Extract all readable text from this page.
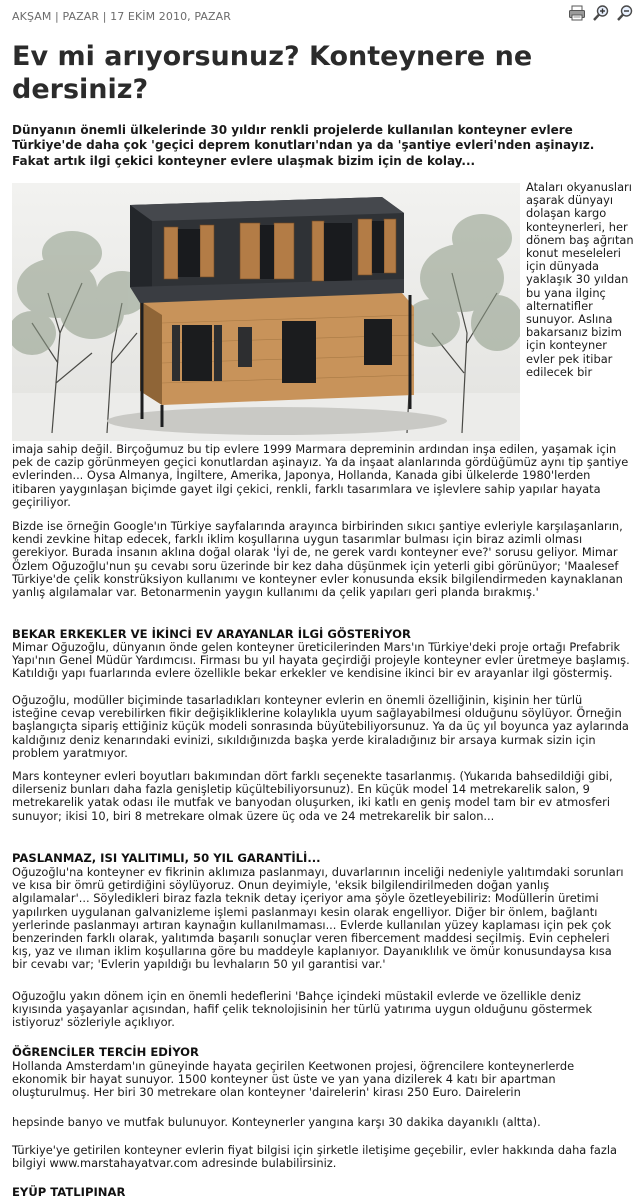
AKŞAM | PAZAR | 17 EKİM 2010, PAZAR
Ev mi arıyorsunuz? Konteynere ne dersiniz?

Dünyanın önemli ülkelerinde 30 yıldır renkli projelerde kullanılan konteyner evlere Türkiye'de daha çok 'geçici deprem konutları'ndan ya da 'şantiye evleri'nden aşinayız. Fakat artık ilgi çekici konteyner evlere ulaşmak bizim için de kolay...

Ataları okyanusları aşarak dünyayı dolaşan kargo konteynerleri, her dönem baş ağrıtan konut meseleleri için dünyada yaklaşık 30 yıldan bu yana ilginç alternatifler sunuyor. Aslına bakarsanız bizim için konteyner evler pek itibar edilecek bir

imaja sahip değil. Birçoğumuz bu tip evlere 1999 Marmara depreminin ardından inşa edilen, yaşamak için pek de cazip görünmeyen geçici konutlardan aşinayız. Ya da inşaat alanlarında gördüğümüz aynı tip şantiye evlerinden... Oysa Almanya, İngiltere, Amerika, Japonya, Hollanda, Kanada gibi ülkelerde 1980'lerden itibaren yaygınlaşan biçimde gayet ilgi çekici, renkli, farklı tasarımlara ve işlevlere sahip yapılar hayata geçiriliyor.

Bizde ise örneğin Google'ın Türkiye sayfalarında arayınca birbirinden sıkıcı şantiye evleriyle karşılaşanların, kendi zevkine hitap edecek, farklı iklim koşullarına uygun tasarımlar bulması için biraz azimli olması gerekiyor. Burada insanın aklına doğal olarak 'İyi de, ne gerek vardı konteyner eve?' sorusu geliyor. Mimar Özlem Oğuzoğlu'nun şu cevabı soru üzerinde bir kez daha düşünmek için yeterli gibi görünüyor; 'Maalesef Türkiye'de çelik konstrüksiyon kullanımı ve konteyner evler konusunda eksik bilgilendirmeden kaynaklanan yanlış algılamalar var. Betonarmenin yaygın kullanımı da çelik yapıları geri planda bırakmış.'

BEKAR ERKEKLER VE İKİNCİ EV ARAYANLAR İLGİ GÖSTERİYOR

Mimar Oğuzoğlu, dünyanın önde gelen konteyner üreticilerinden Mars'ın Türkiye'deki proje ortağı Prefabrik Yapı'nın Genel Müdür Yardımcısı. Firması bu yıl hayata geçirdiği projeyle konteyner evler üretmeye başlamış. Katıldığı yapı fuarlarında evlere özellikle bekar erkekler ve kendisine ikinci bir ev arayanlar ilgi göstermiş.

Oğuzoğlu, modüller biçiminde tasarladıkları konteyner evlerin en önemli özelliğinin, kişinin her türlü isteğine cevap verebilirken fikir değişikliklerine kolaylıkla uyum sağlayabilmesi olduğunu söylüyor. Örneğin başlangıçta sipariş ettiğiniz küçük modeli sonrasında büyütebiliyorsunuz. Ya da üç yıl boyunca yaz aylarında kaldığınız deniz kenarındaki evinizi, sıkıldığınızda başka yerde kiraladığınız bir arsaya kurmak sizin için problem yaratmıyor.

Mars konteyner evleri boyutları bakımından dört farklı seçenekte tasarlanmış. (Yukarıda bahsedildiği gibi, dilerseniz bunları daha fazla genişletip küçültebiliyorsunuz). En küçük model 14 metrekarelik salon, 9 metrekarelik yatak odası ile mutfak ve banyodan oluşurken, iki katlı en geniş model tam bir ev atmosferi sunuyor; ikisi 10, biri 8 metrekare olmak üzere üç oda ve 24 metrekarelik bir salon...

PASLANMAZ, ISI YALITIMLI, 50 YIL GARANTİLİ...

Oğuzoğlu'na konteyner ev fikrinin aklımıza paslanmayı, duvarlarının inceliği nedeniyle yalıtımdaki sorunları ve kısa bir ömrü getirdiğini söylüyoruz. Onun deyimiyle, 'eksik bilgilendirilmeden doğan yanlış algılamalar'... Söyledikleri biraz fazla teknik detay içeriyor ama şöyle özetleyebiliriz: Modüllerin üretimi yapılırken uygulanan galvanizleme işlemi paslanmayı kesin olarak engelliyor. Diğer bir önlem, bağlantı yerlerinde paslanmayı artıran kaynağın kullanılmaması... Evlerde kullanılan yüzey kaplaması için pek çok benzerinden farklı olarak, yalıtımda başarılı sonuçlar veren fibercement maddesi seçilmiş. Evin cepheleri kış, yaz ve ılıman iklim koşullarına göre bu maddeyle kaplanıyor. Dayanıklılık ve ömür konusundaysa kısa bir cevabı var; 'Evlerin yapıldığı bu levhaların 50 yıl garantisi var.'

Oğuzoğlu yakın dönem için en önemli hedeflerini 'Bahçe içindeki müstakil evlerde ve özellikle deniz kıyısında yaşayanlar açısından, hafif çelik teknolojisinin her türlü yatırıma uygun olduğunu göstermek istiyoruz' sözleriyle açıklıyor.

ÖĞRENCİLER TERCİH EDİYOR

Hollanda Amsterdam'ın güneyinde hayata geçirilen Keetwonen projesi, öğrencilere konteynerlerde ekonomik bir hayat sunuyor. 1500 konteyner üst üste ve yan yana dizilerek 4 katı bir apartman oluşturulmuş. Her biri 30 metrekare olan konteyner 'dairelerin' kirası 250 Euro. Dairelerin

hepsinde banyo ve mutfak bulunuyor. Konteynerler yangına karşı 30 dakika dayanıklı (altta).

Türkiye'ye getirilen konteyner evlerin fiyat bilgisi için şirketle iletişime geçebilir, evler hakkında daha fazla bilgiyi www.marstahayatvar.com adresinde bulabilirsiniz.

EYÜP TATLIPINAR
